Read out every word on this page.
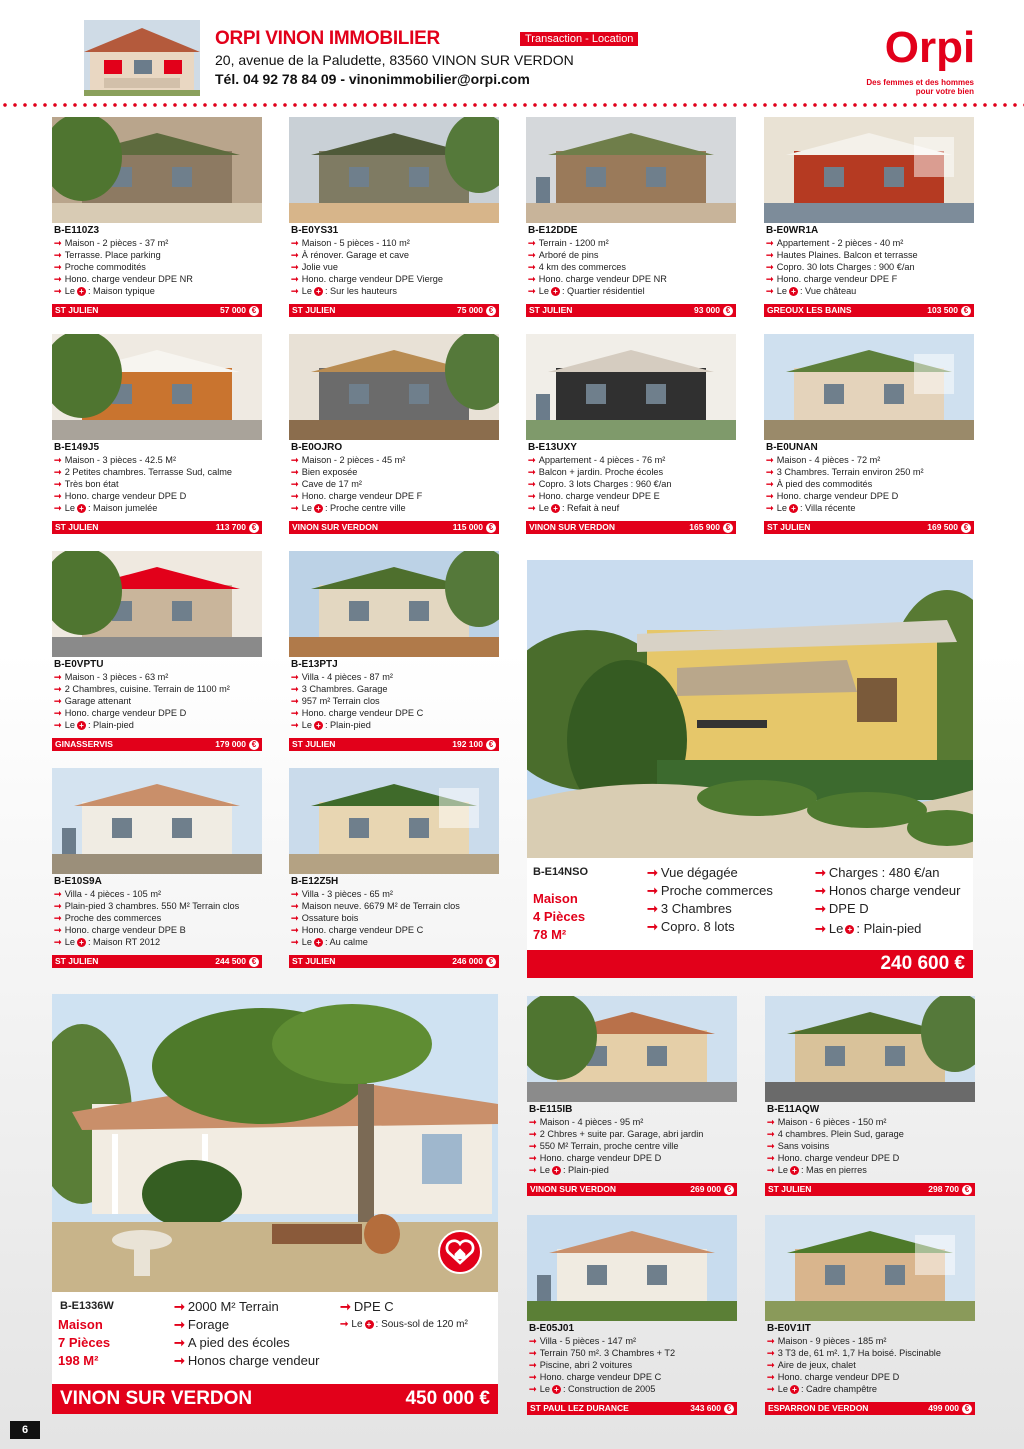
ORPI VINON IMMOBILIER	Transaction - Location
20, avenue de la Paludette, 83560 VINON SUR VERDON
Tél. 04 92 78 84 09 - vinonimmobilier@orpi.com
Orpi
Des femmes et des hommes
pour votre bien
B-E110Z3
➞ Maison - 2 pièces - 37 m²
➞ Terrasse. Place parking
➞ Proche commodités
➞ Hono. charge vendeur DPE NR
➞ Le + : Maison typique
ST JULIEN	57 000 €
B-E0YS31
➞ Maison - 5 pièces - 110 m²
➞ À rénover. Garage et cave
➞ Jolie vue
➞ Hono. charge vendeur DPE Vierge
➞ Le + : Sur les hauteurs
ST JULIEN	75 000 €
B-E12DDE
➞ Terrain - 1200 m²
➞ Arboré de pins
➞ 4 km des commerces
➞ Hono. charge vendeur DPE NR
➞ Le + : Quartier résidentiel
ST JULIEN	93 000 €
B-E0WR1A
➞ Appartement - 2 pièces - 40 m²
➞ Hautes Plaines. Balcon et terrasse
➞ Copro. 30 lots Charges : 900 €/an
➞ Hono. charge vendeur DPE F
➞ Le + : Vue château
GREOUX LES BAINS	103 500 €
B-E149J5
➞ Maison - 3 pièces - 42.5 M²
➞ 2 Petites chambres. Terrasse Sud, calme
➞ Très bon état
➞ Hono. charge vendeur DPE D
➞ Le + : Maison jumelée
ST JULIEN	113 700 €
B-E0OJRO
➞ Maison - 2 pièces - 45 m²
➞ Bien exposée
➞ Cave de 17 m²
➞ Hono. charge vendeur DPE F
➞ Le + : Proche centre ville
VINON SUR VERDON	115 000 €
B-E13UXY
➞ Appartement - 4 pièces - 76 m²
➞ Balcon + jardin. Proche écoles
➞ Copro. 3 lots Charges : 960 €/an
➞ Hono. charge vendeur DPE E
➞ Le + : Refait à neuf
VINON SUR VERDON	165 900 €
B-E0UNAN
➞ Maison - 4 pièces - 72 m²
➞ 3 Chambres. Terrain environ 250 m²
➞ À pied des commodités
➞ Hono. charge vendeur DPE D
➞ Le + : Villa récente
ST JULIEN	169 500 €
B-E0VPTU
➞ Maison - 3 pièces - 63 m²
➞ 2 Chambres, cuisine. Terrain de 1100 m²
➞ Garage attenant
➞ Hono. charge vendeur DPE D
➞ Le + : Plain-pied
GINASSERVIS	179 000 €
B-E13PTJ
➞ Villa - 4 pièces - 87 m²
➞ 3 Chambres. Garage
➞ 957 m² Terrain clos
➞ Hono. charge vendeur DPE C
➞ Le + : Plain-pied
ST JULIEN	192 100 €
B-E10S9A
➞ Villa - 4 pièces - 105 m²
➞ Plain-pied 3 chambres. 550 M² Terrain clos
➞ Proche des commerces
➞ Hono. charge vendeur DPE B
➞ Le + : Maison RT 2012
ST JULIEN	244 500 €
B-E12Z5H
➞ Villa - 3 pièces - 65 m²
➞ Maison neuve. 6679 M² de Terrain clos
➞ Ossature bois
➞ Hono. charge vendeur DPE C
➞ Le + : Au calme
ST JULIEN	246 000 €
B-E115IB
➞ Maison - 4 pièces - 95 m²
➞ 2 Chbres + suite par. Garage, abri jardin
➞ 550 M² Terrain, proche centre ville
➞ Hono. charge vendeur DPE D
➞ Le + : Plain-pied
VINON SUR VERDON	269 000 €
B-E11AQW
➞ Maison - 6 pièces - 150 m²
➞ 4 chambres. Plein Sud, garage
➞ Sans voisins
➞ Hono. charge vendeur DPE D
➞ Le + : Mas en pierres
ST JULIEN	298 700 €
B-E05J01
➞ Villa - 5 pièces - 147 m²
➞ Terrain 750 m². 3 Chambres + T2
➞ Piscine, abri 2 voitures
➞ Hono. charge vendeur DPE C
➞ Le + : Construction de 2005
ST PAUL LEZ DURANCE	343 600 €
B-E0V1IT
➞ Maison - 9 pièces - 185 m²
➞ 3 T3 de, 61 m². 1,7 Ha boisé. Piscinable
➞ Aire de jeux, chalet
➞ Hono. charge vendeur DPE D
➞ Le + : Cadre champêtre
ESPARRON DE VERDON	499 000 €
B-E14NSO
Maison
4 Pièces
78 M²
➞ Vue dégagée
➞ Proche commerces
➞ 3 Chambres
➞ Copro. 8 lots
➞ Charges : 480 €/an
➞ Honos charge vendeur
➞ DPE D
➞ Le + : Plain-pied
240 600 €
B-E1336W
Maison
7 Pièces
198 M²
➞ 2000 M² Terrain
➞ Forage
➞ A pied des écoles
➞ Honos charge vendeur
➞ DPE C
➞ Le + : Sous-sol de 120 m²
VINON SUR VERDON	450 000 €
6
